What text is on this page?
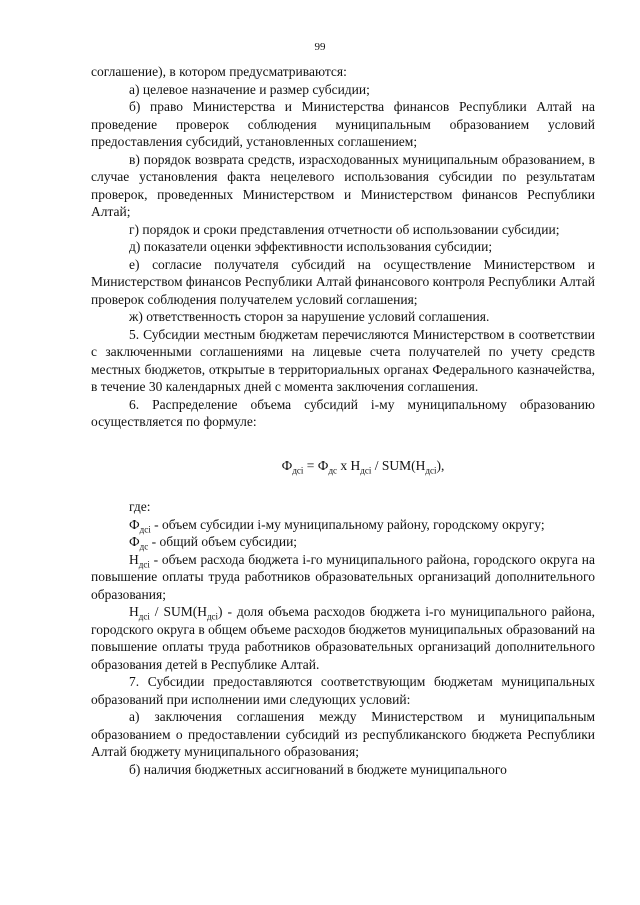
99

соглашение), в котором предусматриваются:

а) целевое назначение и размер субсидии;

б) право Министерства и Министерства финансов Республики Алтай на проведение проверок соблюдения муниципальным образованием условий предоставления субсидий, установленных соглашением;

в) порядок возврата средств, израсходованных муниципальным образованием, в случае установления факта нецелевого использования субсидии по результатам проверок, проведенных Министерством и Министерством финансов Республики Алтай;

г) порядок и сроки представления отчетности об использовании субсидии;

д) показатели оценки эффективности использования субсидии;

е) согласие получателя субсидий на осуществление Министерством и Министерством финансов Республики Алтай финансового контроля Республики Алтай проверок соблюдения получателем условий соглашения;

ж) ответственность сторон за нарушение условий соглашения.

5. Субсидии местным бюджетам перечисляются Министерством в соответствии с заключенными соглашениями на лицевые счета получателей по учету средств местных бюджетов, открытые в территориальных органах Федерального казначейства, в течение 30 календарных дней с момента заключения соглашения.

6. Распределение объема субсидий i-му муниципальному образованию осуществляется по формуле:

$Ф_{дсi} = Ф_{дс}$ x $Н_{дсi} / SUM(Н_{дсi})$,

где:

$Ф_{дсi}$ - объем субсидии i-му муниципальному району, городскому округу;

$Ф_{дс}$ - общий объем субсидии;

$Н_{дсi}$ - объем расхода бюджета i-го муниципального района, городского округа на повышение оплаты труда работников образовательных организаций дополнительного образования;

$Н_{дсi} / SUM(Н_{дсi})$ - доля объема расходов бюджета i-го муниципального района, городского округа в общем объеме расходов бюджетов муниципальных образований на повышение оплаты труда работников образовательных организаций дополнительного образования детей в Республике Алтай.

7. Субсидии предоставляются соответствующим бюджетам муниципальных образований при исполнении ими следующих условий:

а) заключения соглашения между Министерством и муниципальным образованием о предоставлении субсидий из республиканского бюджета Республики Алтай бюджету муниципального образования;

б) наличия бюджетных ассигнований в бюджете муниципального
